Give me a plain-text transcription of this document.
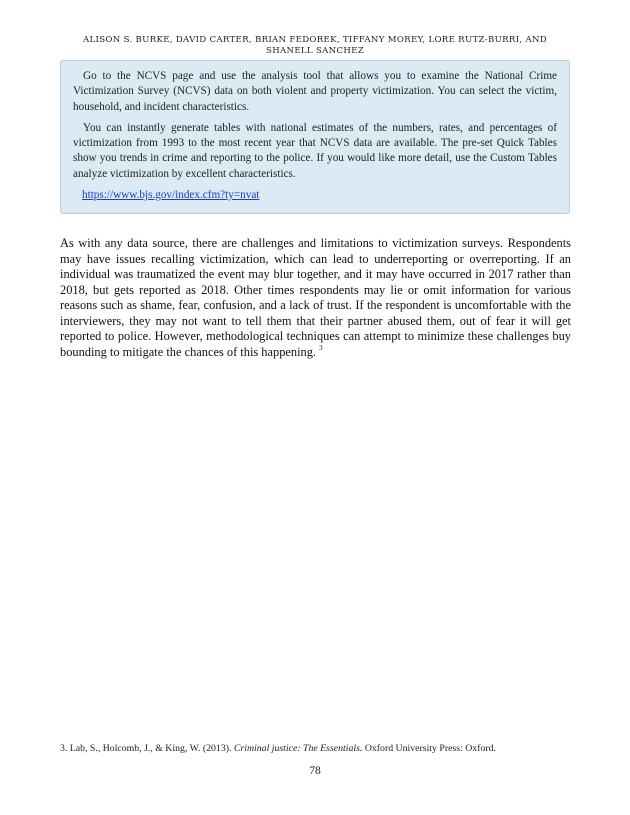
ALISON S. BURKE, DAVID CARTER, BRIAN FEDOREK, TIFFANY MOREY, LORE RUTZ-BURRI, AND SHANELL SANCHEZ

Go to the NCVS page and use the analysis tool that allows you to examine the National Crime Victimization Survey (NCVS) data on both violent and property victimization. You can select the victim, household, and incident characteristics.

You can instantly generate tables with national estimates of the numbers, rates, and percentages of victimization from 1993 to the most recent year that NCVS data are available. The pre-set Quick Tables show you trends in crime and reporting to the police. If you would like more detail, use the Custom Tables analyze victimization by excellent characteristics.

https://www.bjs.gov/index.cfm?ty=nvat

As with any data source, there are challenges and limitations to victimization surveys. Respondents may have issues recalling victimization, which can lead to underreporting or overreporting. If an individual was traumatized the event may blur together, and it may have occurred in 2017 rather than 2018, but gets reported as 2018. Other times respondents may lie or omit information for various reasons such as shame, fear, confusion, and a lack of trust. If the respondent is uncomfortable with the interviewers, they may not want to tell them that their partner abused them, out of fear it will get reported to police. However, methodological techniques can attempt to minimize these challenges buy bounding to mitigate the chances of this happening. $^3$

3. Lab, S., Holcomb, J., & King, W. (2013). Criminal justice: The Essentials. Oxford University Press: Oxford.
78
